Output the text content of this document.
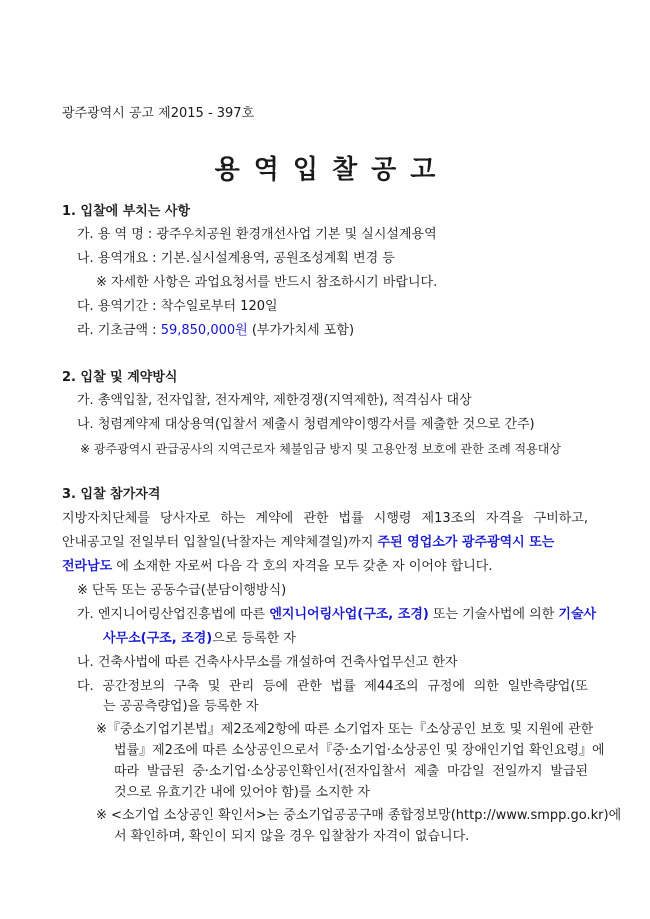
광주광역시 공고 제2015 - 397호
용역입찰공고
1. 입찰에 부치는 사항
가. 용 역 명 : 광주우치공원 환경개선사업 기본 및 실시설계용역
나. 용역개요 : 기본.실시설계용역, 공원조성계획 변경 등
※ 자세한 사항은 과업요청서를 반드시 참조하시기 바랍니다.
다. 용역기간 : 착수일로부터 120일
라. 기초금액 : 59,850,000원 (부가가치세 포함)
2. 입찰 및 계약방식
가. 총액입찰, 전자입찰, 전자계약, 제한경쟁(지역제한), 적격심사 대상
나. 청렴계약제 대상용역(입찰서 제출시 청렴계약이행각서를 제출한 것으로 간주)
※ 광주광역시 관급공사의 지역근로자 체불임금 방지 및 고용안정 보호에 관한 조례 적용대상
3. 입찰 참가자격
지방자치단체를 당사자로 하는 계약에 관한 법률 시행령 제13조의 자격을 구비하고,
안내공고일 전일부터 입찰일(낙찰자는 계약체결일)까지 주된 영업소가 광주광역시 또는
전라남도 에 소재한 자로써 다음 각 호의 자격을 모두 갖춘 자 이어야 합니다.
※ 단독 또는 공동수급(분담이행방식)
가. 엔지니어링산업진흥법에 따른 엔지니어링사업(구조, 조경) 또는 기술사법에 의한 기술사
사무소(구조, 조경)으로 등록한 자
나. 건축사법에 따른 건축사사무소를 개설하여 건축사업무신고 한자
다. 공간정보의 구축 및 관리 등에 관한 법률 제44조의 규정에 의한 일반측량업(또
는 공공측량업)을 등록한 자
※『중소기업기본법』제2조제2항에 따른 소기업자 또는『소상공인 보호 및 지원에 관한
법률』제2조에 따른 소상공인으로서『중·소기업·소상공인 및 장애인기업 확인요령』에
따라 발급된 중·소기업·소상공인확인서(전자입찰서 제출 마감일 전일까지 발급된
것으로 유효기간 내에 있어야 함)를 소지한 자
※ <소기업 소상공인 확인서>는 중소기업공공구매 종합정보망(http://www.smpp.go.kr)에
서 확인하며, 확인이 되지 않을 경우 입찰참가 자격이 없습니다.
